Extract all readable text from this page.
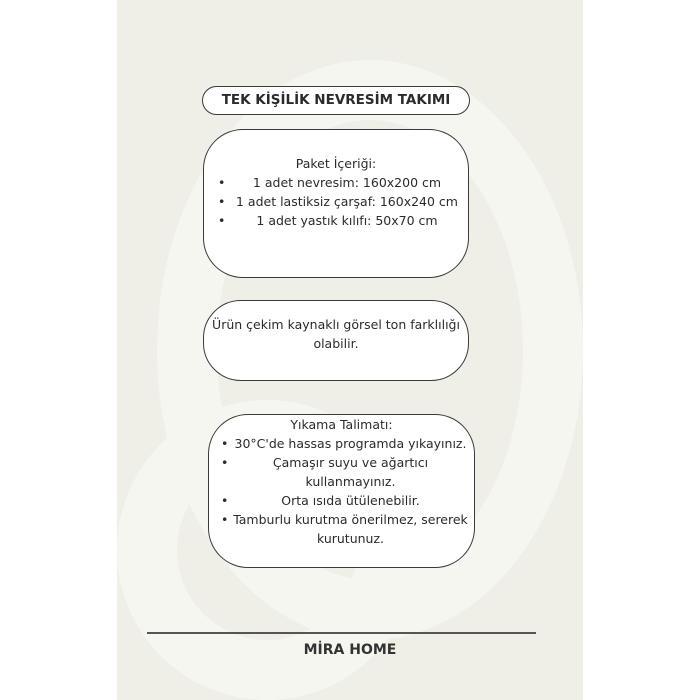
TEK KİŞİLİK NEVRESİM TAKIMI
Paket İçeriği:
• 1 adet nevresim: 160x200 cm
• 1 adet lastiksiz çarşaf: 160x240 cm
• 1 adet yastık kılıfı: 50x70 cm
Ürün çekim kaynaklı görsel ton farklılığı olabilir.
Yıkama Talimatı:
• 30°C'de hassas programda yıkayınız.
•	Çamaşır suyu ve ağartıcı kullanmayınız.
•	Orta ısıda ütülenebilir.
• Tamburlu kurutma önerilmez, sererek kurutunuz.
MİRA HOME
